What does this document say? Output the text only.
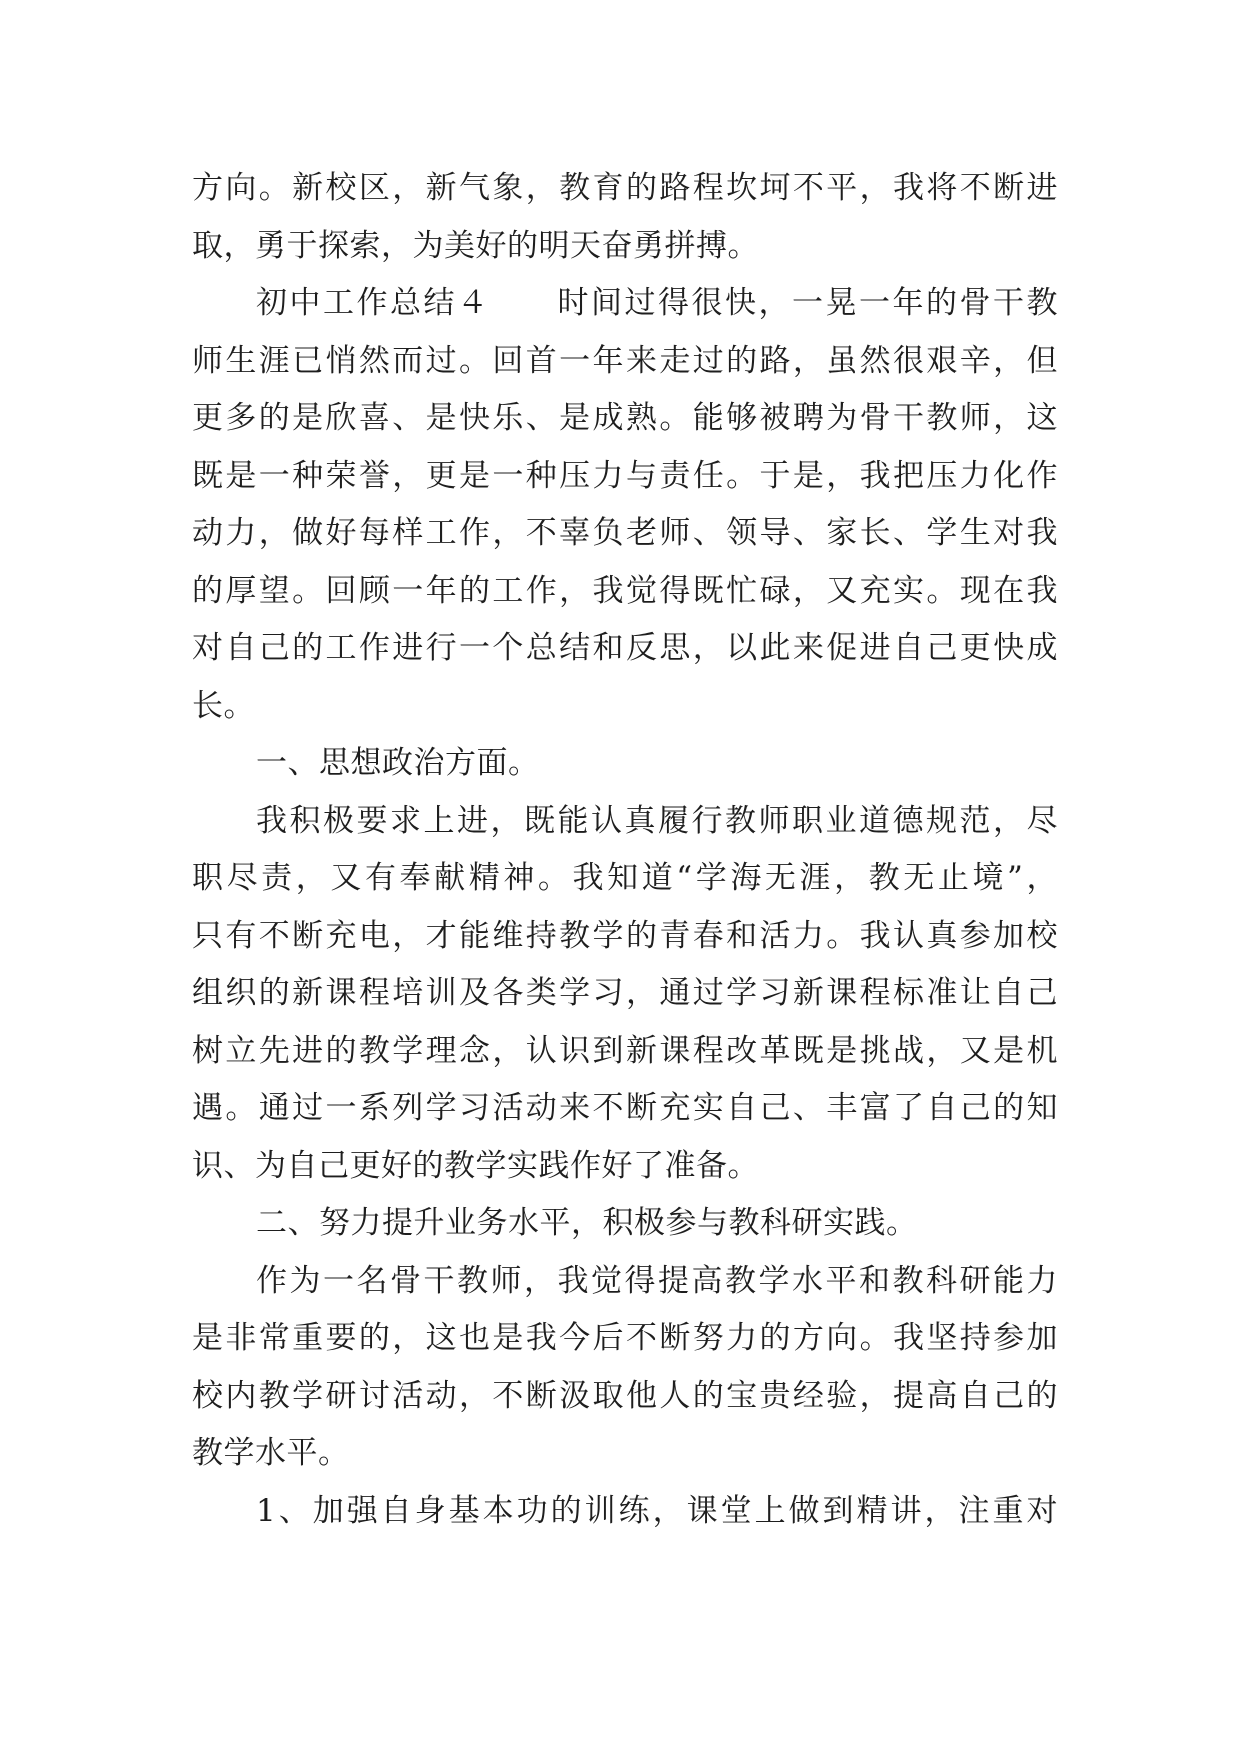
方向。新校区，新气象，教育的路程坎坷不平，我将不断进
取，勇于探索，为美好的明天奋勇拼搏。
初中工作总结４　　时间过得很快，一晃一年的骨干教
师生涯已悄然而过。回首一年来走过的路，虽然很艰辛，但
更多的是欣喜、是快乐、是成熟。能够被聘为骨干教师，这
既是一种荣誉，更是一种压力与责任。于是，我把压力化作
动力，做好每样工作，不辜负老师、领导、家长、学生对我
的厚望。回顾一年的工作，我觉得既忙碌，又充实。现在我
对自己的工作进行一个总结和反思，以此来促进自己更快成
长。
一、思想政治方面。
我积极要求上进，既能认真履行教师职业道德规范，尽
职尽责，又有奉献精神。我知道“学海无涯，教无止境”，
只有不断充电，才能维持教学的青春和活力。我认真参加校
组织的新课程培训及各类学习，通过学习新课程标准让自己
树立先进的教学理念，认识到新课程改革既是挑战，又是机
遇。通过一系列学习活动来不断充实自己、丰富了自己的知
识、为自己更好的教学实践作好了准备。
二、努力提升业务水平，积极参与教科研实践。
作为一名骨干教师，我觉得提高教学水平和教科研能力
是非常重要的，这也是我今后不断努力的方向。我坚持参加
校内教学研讨活动，不断汲取他人的宝贵经验，提高自己的
教学水平。
1、加强自身基本功的训练，课堂上做到精讲，注重对
